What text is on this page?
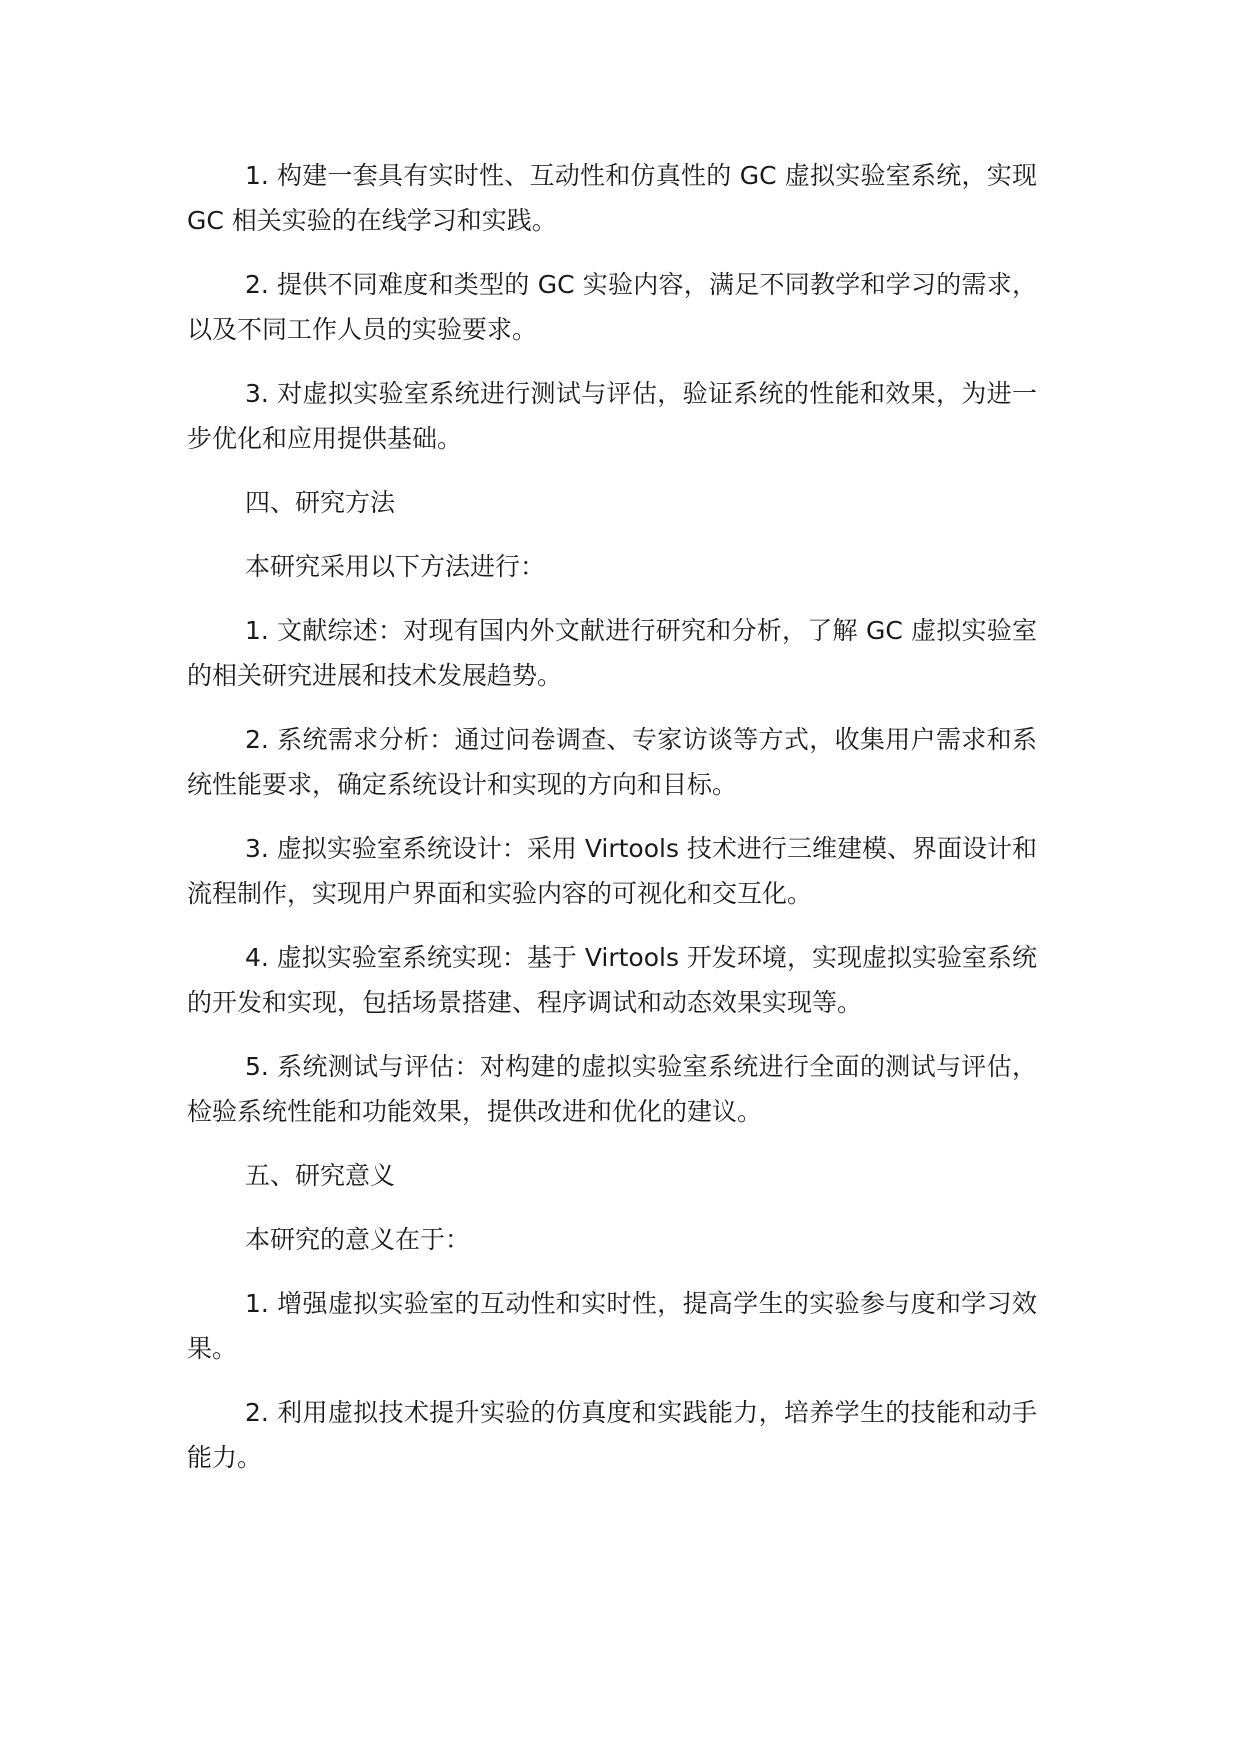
1. 构建一套具有实时性、互动性和仿真性的 GC 虚拟实验室系统，实现 GC 相关实验的在线学习和实践。

2. 提供不同难度和类型的 GC 实验内容，满足不同教学和学习的需求，以及不同工作人员的实验要求。

3. 对虚拟实验室系统进行测试与评估，验证系统的性能和效果，为进一步优化和应用提供基础。

四、研究方法

本研究采用以下方法进行：

1. 文献综述：对现有国内外文献进行研究和分析，了解 GC 虚拟实验室的相关研究进展和技术发展趋势。

2. 系统需求分析：通过问卷调查、专家访谈等方式，收集用户需求和系统性能要求，确定系统设计和实现的方向和目标。

3. 虚拟实验室系统设计：采用 Virtools 技术进行三维建模、界面设计和流程制作，实现用户界面和实验内容的可视化和交互化。

4. 虚拟实验室系统实现：基于 Virtools 开发环境，实现虚拟实验室系统的开发和实现，包括场景搭建、程序调试和动态效果实现等。

5. 系统测试与评估：对构建的虚拟实验室系统进行全面的测试与评估，检验系统性能和功能效果，提供改进和优化的建议。

五、研究意义

本研究的意义在于：

1. 增强虚拟实验室的互动性和实时性，提高学生的实验参与度和学习效果。

2. 利用虚拟技术提升实验的仿真度和实践能力，培养学生的技能和动手能力。
